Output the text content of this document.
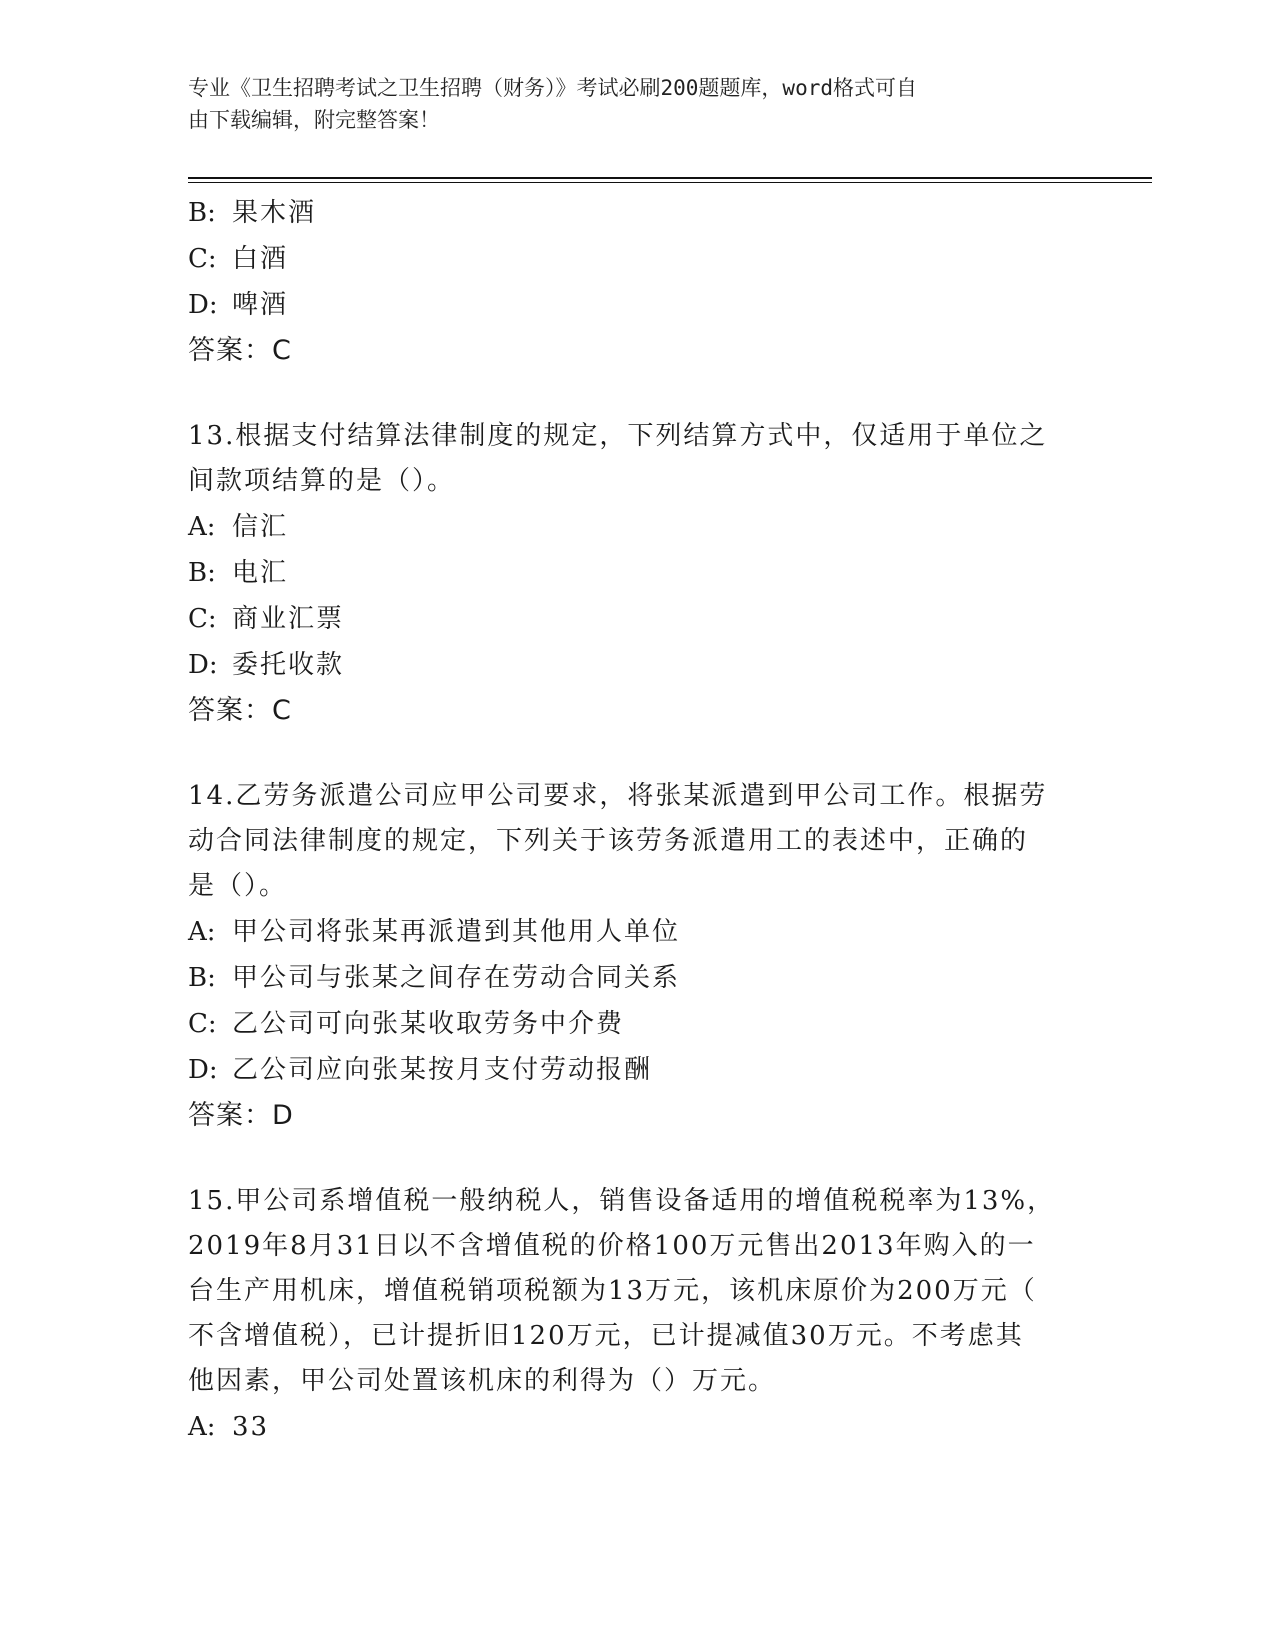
专业《卫生招聘考试之卫生招聘（财务）》考试必刷200题题库，word格式可自
由下载编辑，附完整答案！
B: 果木酒
C: 白酒
D: 啤酒
答案：C
13.根据支付结算法律制度的规定，下列结算方式中，仅适用于单位之
间款项结算的是（）。
A: 信汇
B: 电汇
C: 商业汇票
D: 委托收款
答案：C
14.乙劳务派遣公司应甲公司要求，将张某派遣到甲公司工作。根据劳
动合同法律制度的规定，下列关于该劳务派遣用工的表述中，正确的
是（）。
A: 甲公司将张某再派遣到其他用人单位
B: 甲公司与张某之间存在劳动合同关系
C: 乙公司可向张某收取劳务中介费
D: 乙公司应向张某按月支付劳动报酬
答案：D
15.甲公司系增值税一般纳税人，销售设备适用的增值税税率为13%，
2019年8月31日以不含增值税的价格100万元售出2013年购入的一
台生产用机床，增值税销项税额为13万元，该机床原价为200万元（
不含增值税），已计提折旧120万元，已计提减值30万元。不考虑其
他因素，甲公司处置该机床的利得为（）万元。
A: 33
